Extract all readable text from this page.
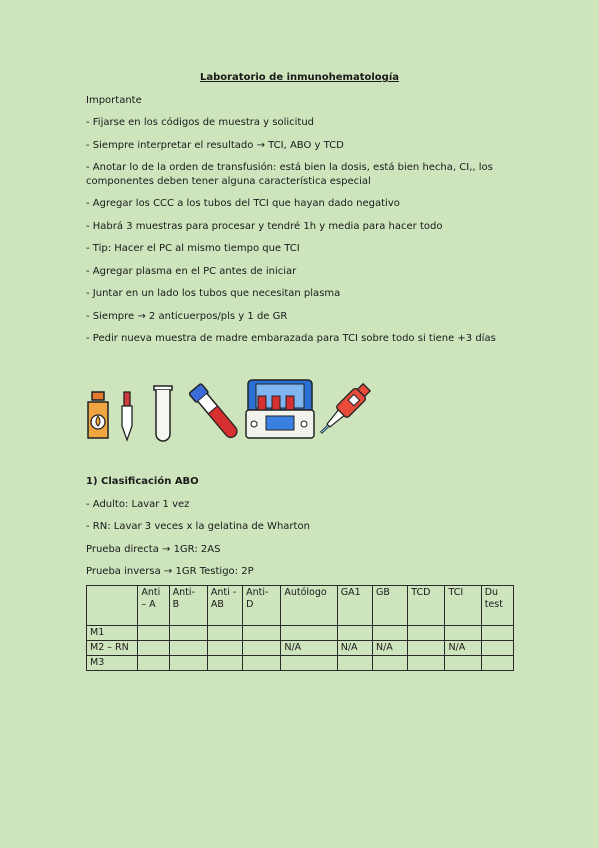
Laboratorio de inmunohematología
Importante
- Fijarse en los códigos de muestra y solicitud
- Siempre interpretar el resultado → TCI, ABO y TCD
- Anotar lo de la orden de transfusión: está bien la dosis, está bien hecha, CI,, los componentes deben tener alguna característica especial
- Agregar los CCC a los tubos del TCI que hayan dado negativo
- Habrá 3 muestras para procesar y tendré 1h y media para hacer todo
- Tip: Hacer el PC al mismo tiempo que TCI
- Agregar plasma en el PC antes de iniciar
- Juntar en un lado los tubos que necesitan plasma
- Siempre → 2 anticuerpos/pls y 1 de GR
- Pedir nueva muestra de madre embarazada para TCI sobre todo si tiene +3 días
1) Clasificación ABO
- Adulto: Lavar 1 vez
- RN: Lavar 3 veces x la gelatina de Wharton
Prueba directa → 1GR: 2AS
Prueba inversa → 1GR Testigo: 2P
	Anti – A	Anti- B	Anti -AB	Anti- D	Autólogo	GA1	GB	TCD	TCI	Du test
M1										
M2 – RN					N/A	N/A	N/A		N/A	
M3										
